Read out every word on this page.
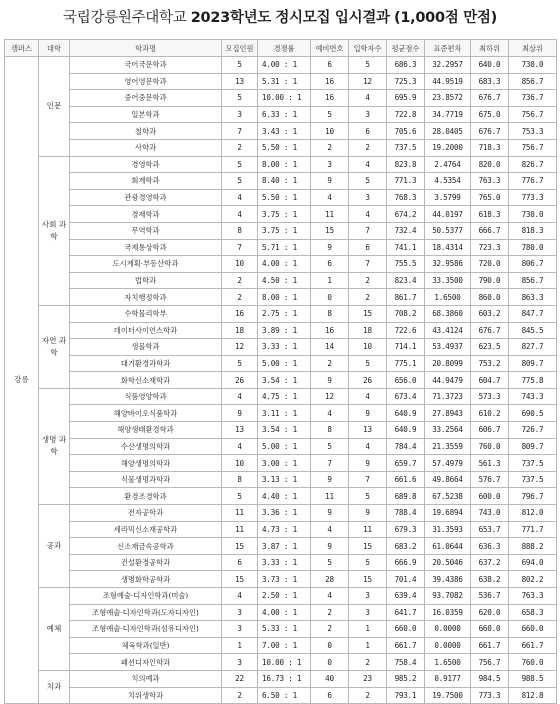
국립강릉원주대학교 2023학년도 정시모집 입시결과 (1,000점 만점)
캠퍼스	대학	학과명	모집인원	경쟁률	예비번호	입학자수	평균점수	표준편차	최하위	최상위
강릉	인문	국어국문학과	5	4.00 : 1	6	5	686.3	32.2957	640.0	730.0
		영어영문학과	13	5.31 : 1	16	12	725.3	44.9519	683.3	856.7
		중어중문학과	5	10.00 : 1	16	4	695.9	23.8572	676.7	736.7
		일본학과	3	6.33 : 1	5	3	722.8	34.7719	675.0	756.7
		철학과	7	3.43 : 1	10	6	705.6	28.0405	676.7	753.3
		사학과	2	5.50 : 1	2	2	737.5	19.2000	718.3	756.7
	사회 과학	경영학과	5	8.00 : 1	3	4	823.8	2.4764	820.0	826.7
		회계학과	5	8.40 : 1	9	5	771.3	4.5354	763.3	776.7
		관광경영학과	4	5.50 : 1	4	3	768.3	3.5799	765.0	773.3
		경제학과	4	3.75 : 1	11	4	674.2	44.0197	618.3	730.0
		무역학과	8	3.75 : 1	15	7	732.4	50.5377	666.7	818.3
		국제통상학과	7	5.71 : 1	9	6	741.1	18.4314	723.3	780.0
		도시계획·부동산학과	10	4.00 : 1	6	7	755.5	32.9586	720.0	806.7
		법학과	2	4.50 : 1	1	2	823.4	33.3500	790.0	856.7
		자치행정학과	2	8.00 : 1	0	2	861.7	1.6500	860.0	863.3
	자연 과학	수학물리학부	16	2.75 : 1	8	15	708.2	68.3860	603.2	847.7
		데이터사이언스학과	18	3.89 : 1	16	18	722.6	43.4124	676.7	845.5
		생물학과	12	3.33 : 1	14	10	714.1	53.4937	623.5	827.7
		대기환경과학과	5	5.00 : 1	2	5	775.1	20.8099	753.2	809.7
		화학신소재학과	26	3.54 : 1	9	26	656.0	44.9479	604.7	775.8
	생명 과학	식품영양학과	4	4.75 : 1	12	4	673.4	71.3723	573.3	743.3
		해양바이오식품학과	9	3.11 : 1	4	9	640.9	27.8943	610.2	690.5
		해양생태환경학과	13	3.54 : 1	8	13	640.9	33.2564	606.7	726.7
		수산생명의학과	4	5.00 : 1	5	4	784.4	21.3559	760.0	809.7
		해양생명의학과	10	3.00 : 1	7	9	659.7	57.4979	561.3	737.5
		식물생명과학과	8	3.13 : 1	9	7	661.6	49.8664	576.7	737.5
		환경조경학과	5	4.40 : 1	11	5	689.8	67.5238	600.0	796.7
	공과	전자공학과	11	3.36 : 1	9	9	788.4	19.6894	743.0	812.0
		세라믹신소재공학과	11	4.73 : 1	4	11	679.3	31.3593	653.7	771.7
		신소재금속공학과	15	3.87 : 1	9	15	683.2	61.0644	636.3	888.2
		건설환경공학과	6	3.33 : 1	5	5	666.9	20.5046	637.2	694.0
		생명화학공학과	15	3.73 : 1	28	15	701.4	39.4386	638.2	802.2
	예체	조형예술·디자인학과(미술)	4	2.50 : 1	4	3	639.4	93.7082	536.7	763.3
		조형예술·디자인학과(도자디자인)	3	4.00 : 1	2	3	641.7	16.0359	620.0	658.3
		조형예술·디자인학과(섬유디자인)	3	5.33 : 1	2	1	660.0	0.0000	660.0	660.0
		체육학과(일반)	1	7.00 : 1	0	1	661.7	0.0000	661.7	661.7
		패션디자인학과	3	10.00 : 1	0	2	758.4	1.6500	756.7	760.0
	치과	치의예과	22	16.73 : 1	40	23	985.2	0.9177	984.5	988.5
		치위생학과	2	6.50 : 1	6	2	793.1	19.7500	773.3	812.8
